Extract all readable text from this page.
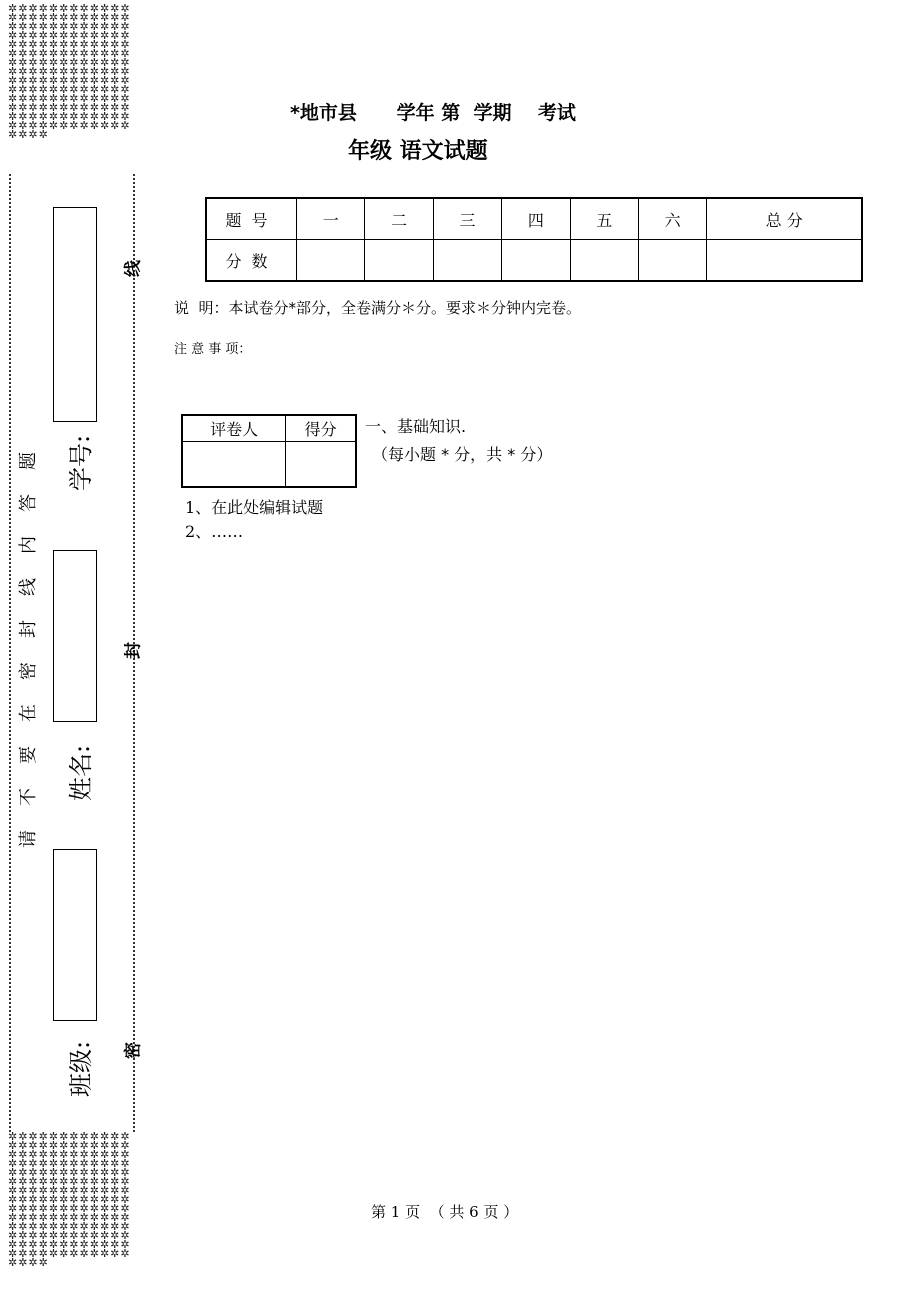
✲✲✲✲✲✲✲✲✲✲✲✲✲✲✲✲✲✲✲✲✲✲✲✲✲✲✲✲✲✲✲✲✲✲✲✲✲✲✲✲✲✲✲✲✲✲✲✲✲✲✲✲✲✲✲✲✲✲✲✲✲✲✲✲✲✲✲✲✲✲✲✲✲✲✲✲✲✲✲✲✲✲✲✲✲✲✲✲✲✲✲✲✲✲✲✲✲✲✲✲✲✲✲✲✲✲✲✲✲✲✲✲✲✲✲✲✲✲✲✲✲✲✲✲✲✲✲✲✲✲✲✲✲✲✲✲✲✲✲✲✲✲✲✲✲✲✲✲✲✲✲✲✲✲✲✲✲✲✲✲✲✲✲✲✲✲✲✲✲✲✲✲
✲✲✲✲✲✲✲✲✲✲✲✲✲✲✲✲✲✲✲✲✲✲✲✲✲✲✲✲✲✲✲✲✲✲✲✲✲✲✲✲✲✲✲✲✲✲✲✲✲✲✲✲✲✲✲✲✲✲✲✲✲✲✲✲✲✲✲✲✲✲✲✲✲✲✲✲✲✲✲✲✲✲✲✲✲✲✲✲✲✲✲✲✲✲✲✲✲✲✲✲✲✲✲✲✲✲✲✲✲✲✲✲✲✲✲✲✲✲✲✲✲✲✲✲✲✲✲✲✲✲✲✲✲✲✲✲✲✲✲✲✲✲✲✲✲✲✲✲✲✲✲✲✲✲✲✲✲✲✲✲✲✲✲✲✲✲✲✲✲✲✲✲
学号:
姓名:
班级:
题
答
内
线
封
密
在
要
不
请
线
封
密
*地市县      学年 第  学期    考试
年级 语文试题
题号	一	二	三	四	五	六	总 分
分数							
说  明：本试卷分*部分，全卷满分＊分。要求＊分钟内完卷。
注 意 事 项：
评卷人	得分
	一、基础知识.
（每小题 * 分，共 * 分）
1、在此处编辑试题
2、……
第 1 页  （ 共 6 页 ）
